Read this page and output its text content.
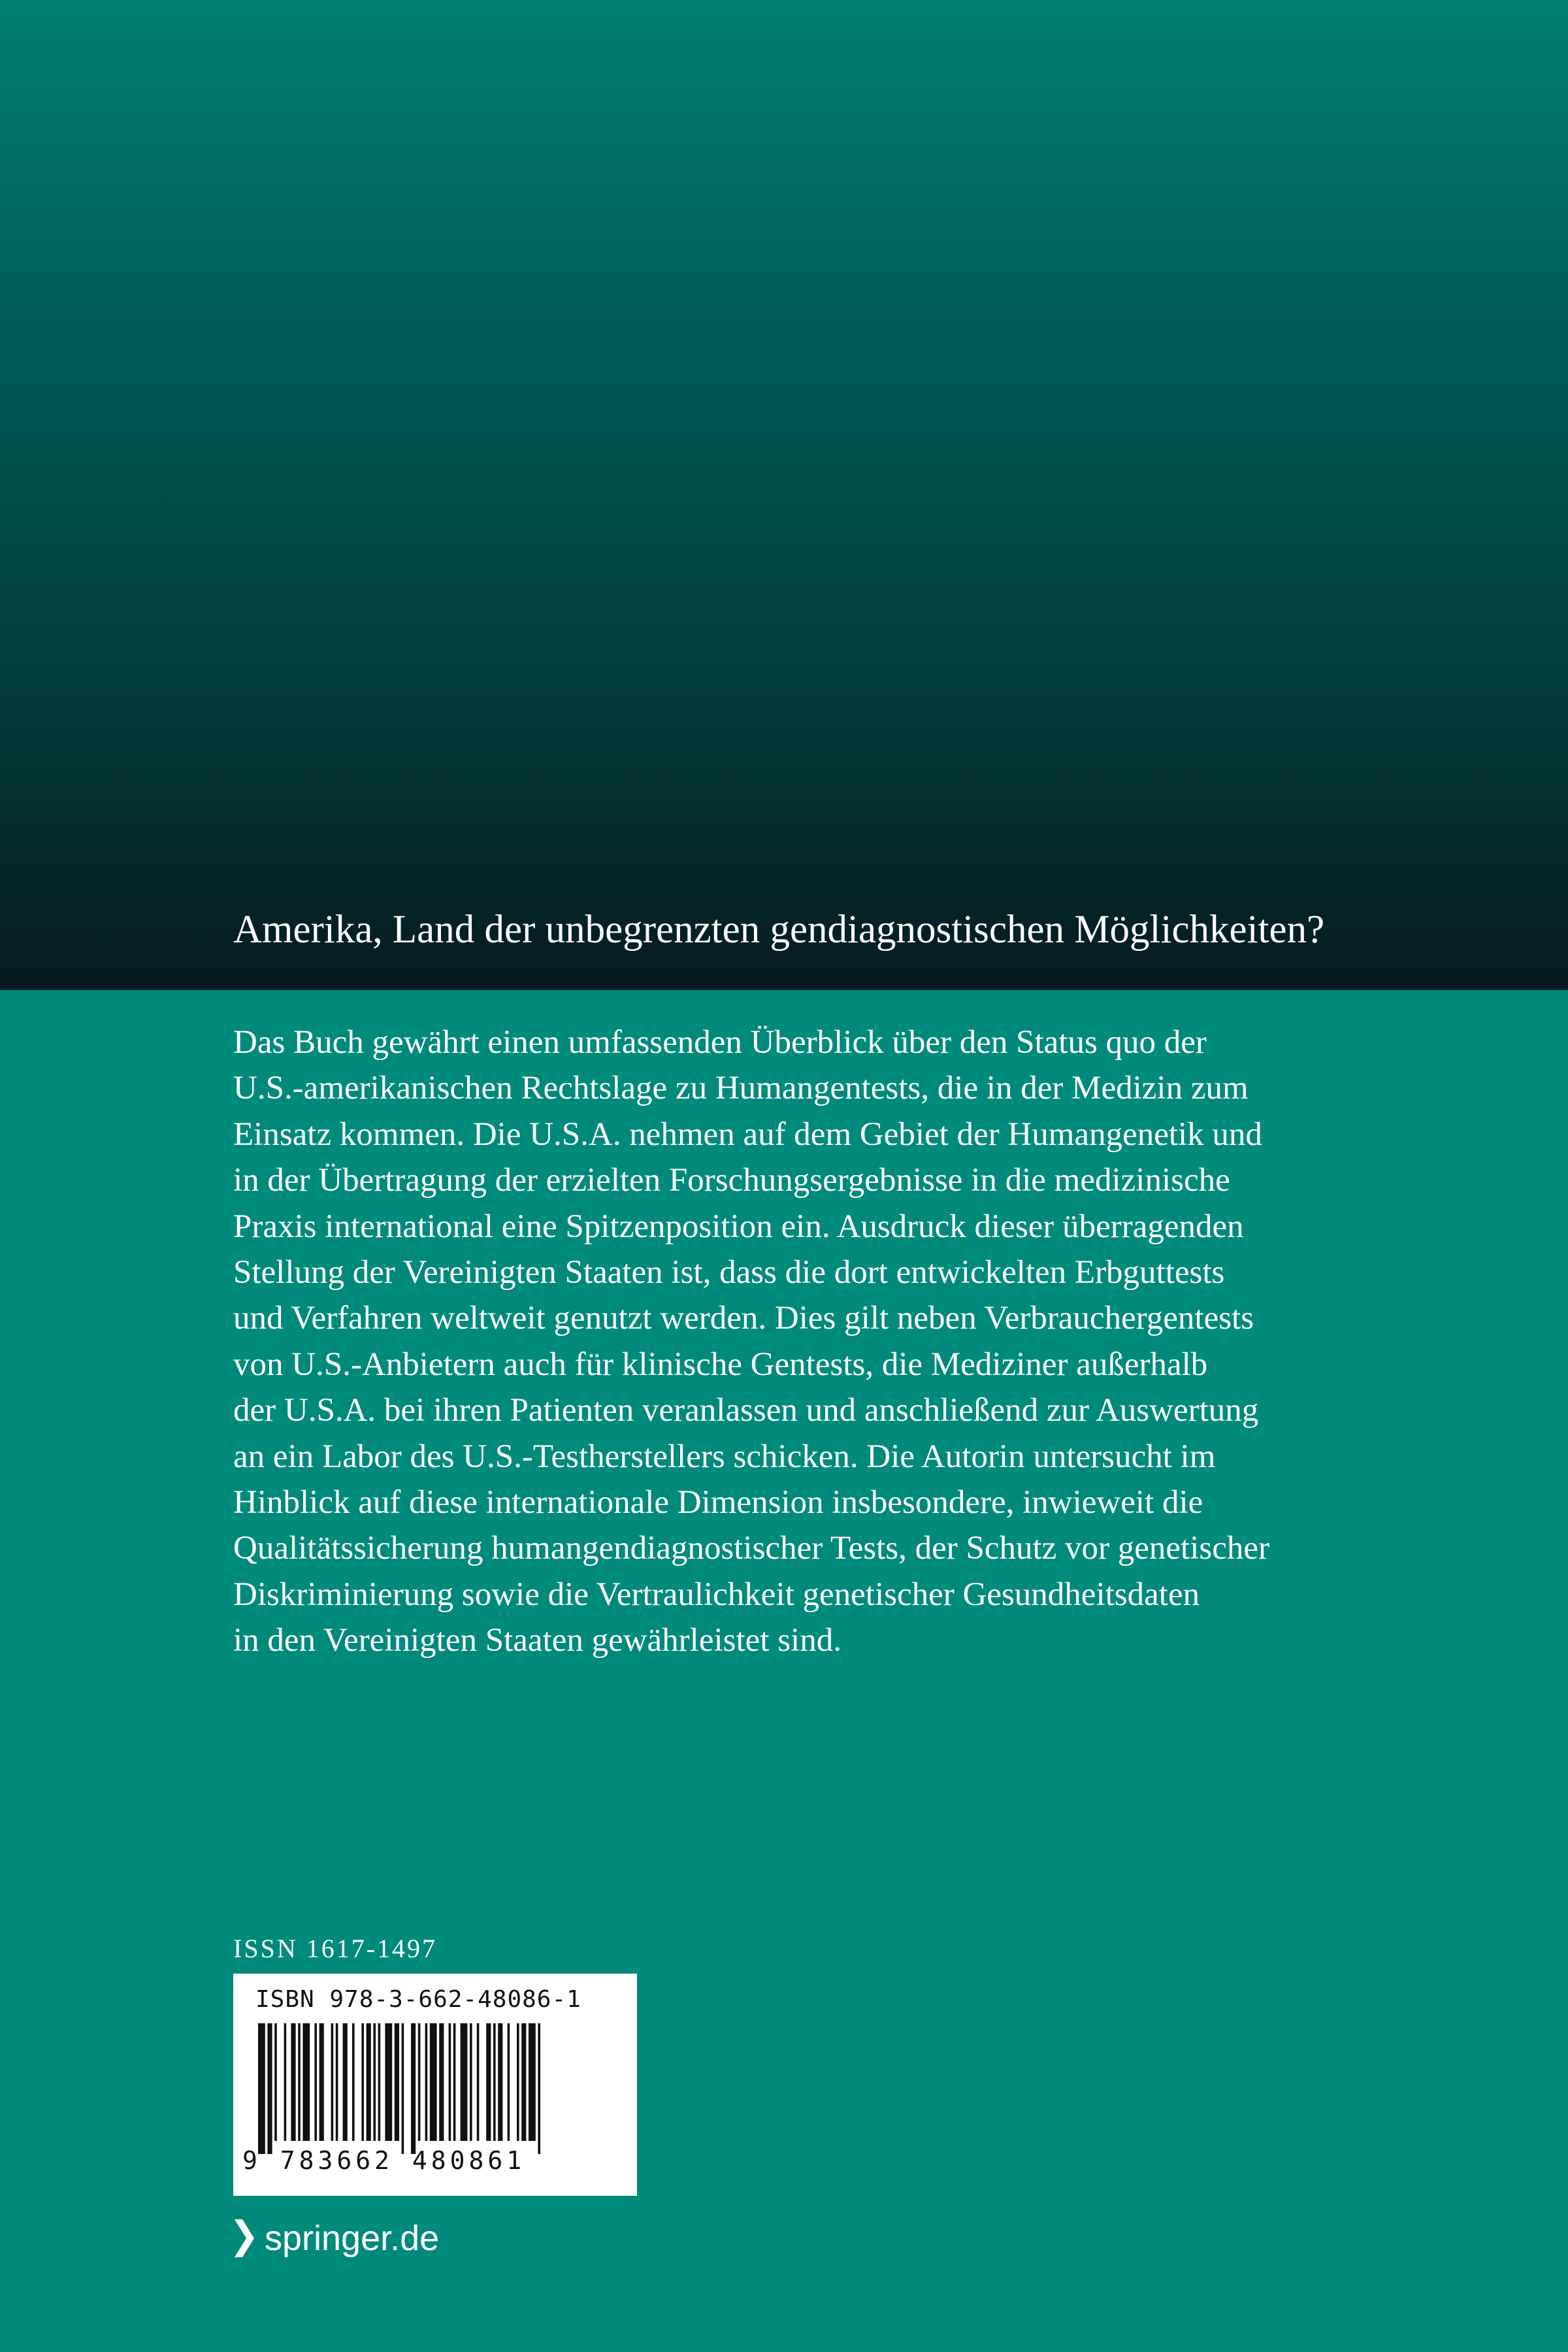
Amerika, Land der unbegrenzten gendiagnostischen Möglichkeiten?
Das Buch gewährt einen umfassenden Überblick über den Status quo der
U.S.-amerikanischen Rechtslage zu Humangentests, die in der Medizin zum
Einsatz kommen. Die U.S.A. nehmen auf dem Gebiet der Humangenetik und
in der Übertragung der erzielten Forschungsergebnisse in die medizinische
Praxis international eine Spitzenposition ein. Ausdruck dieser überragenden
Stellung der Vereinigten Staaten ist, dass die dort entwickelten Erbguttests
und Verfahren weltweit genutzt werden. Dies gilt neben Verbrauchergentests
von U.S.-Anbietern auch für klinische Gentests, die Mediziner außerhalb
der U.S.A. bei ihren Patienten veranlassen und anschließend zur Auswertung
an ein Labor des U.S.-Testherstellers schicken. Die Autorin untersucht im
Hinblick auf diese internationale Dimension insbesondere, inwieweit die
Qualitätssicherung humangendiagnostischer Tests, der Schutz vor genetischer
Diskriminierung sowie die Vertraulichkeit genetischer Gesundheitsdaten
in den Vereinigten Staaten gewährleistet sind.
ISSN 1617-1497
ISBN 978-3-662-48086-1
9 783662 480861
springer.de
